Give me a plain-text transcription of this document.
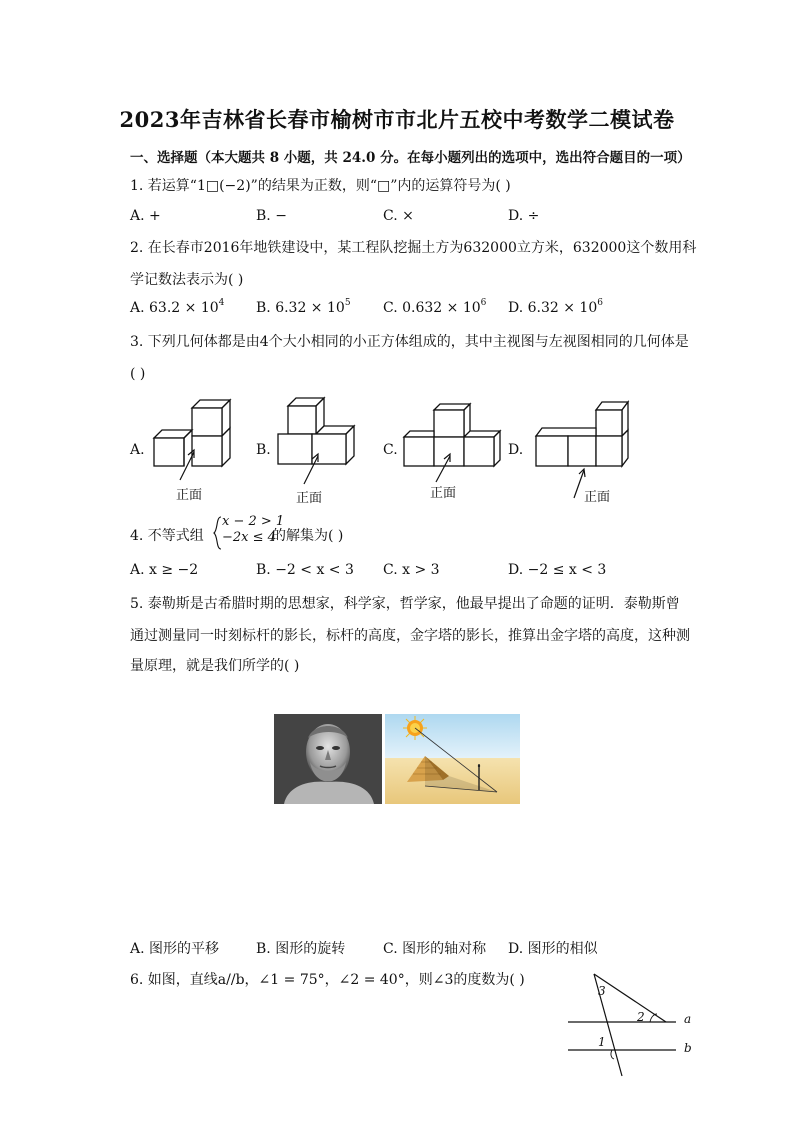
2023年吉林省长春市榆树市市北片五校中考数学二模试卷
一、选择题（本大题共 8 小题，共 24.0 分。在每小题列出的选项中，选出符合题目的一项）
1. 若运算“1□(−2)”的结果为正数，则“□”内的运算符号为( )
A. +	B. −	C. ×	D. ÷
2. 在长春市2016年地铁建设中，某工程队挖掘土方为632000立方米，632000这个数用科
学记数法表示为( )
A. $63.2 \times 10^4$ B. $6.32 \times 10^5$ C. $0.632 \times 10^6$ D. $6.32 \times 10^6$
3. 下列几何体都是由4个大小相同的小正方体组成的，其中主视图与左视图相同的几何体是
( )
A.	B.	C.	D.
正面	正面	正面	正面
4. 不等式组
x − 2 > 1
−2x ≤ 4
的解集为( )
A. x ≥ −2	B. −2 < x < 3 C. x > 3	D. −2 ≤ x < 3
5. 泰勒斯是古希腊时期的思想家，科学家，哲学家，他最早提出了命题的证明．泰勒斯曾
通过测量同一时刻标杆的影长，标杆的高度，金字塔的影长，推算出金字塔的高度，这种测
量原理，就是我们所学的( )
A. 图形的平移	B. 图形的旋转	C. 图形的轴对称 D. 图形的相似
6. 如图，直线a//b，∠1 = 75°，∠2 = 40°，则∠3的度数为( )
3
2
1
a
b
